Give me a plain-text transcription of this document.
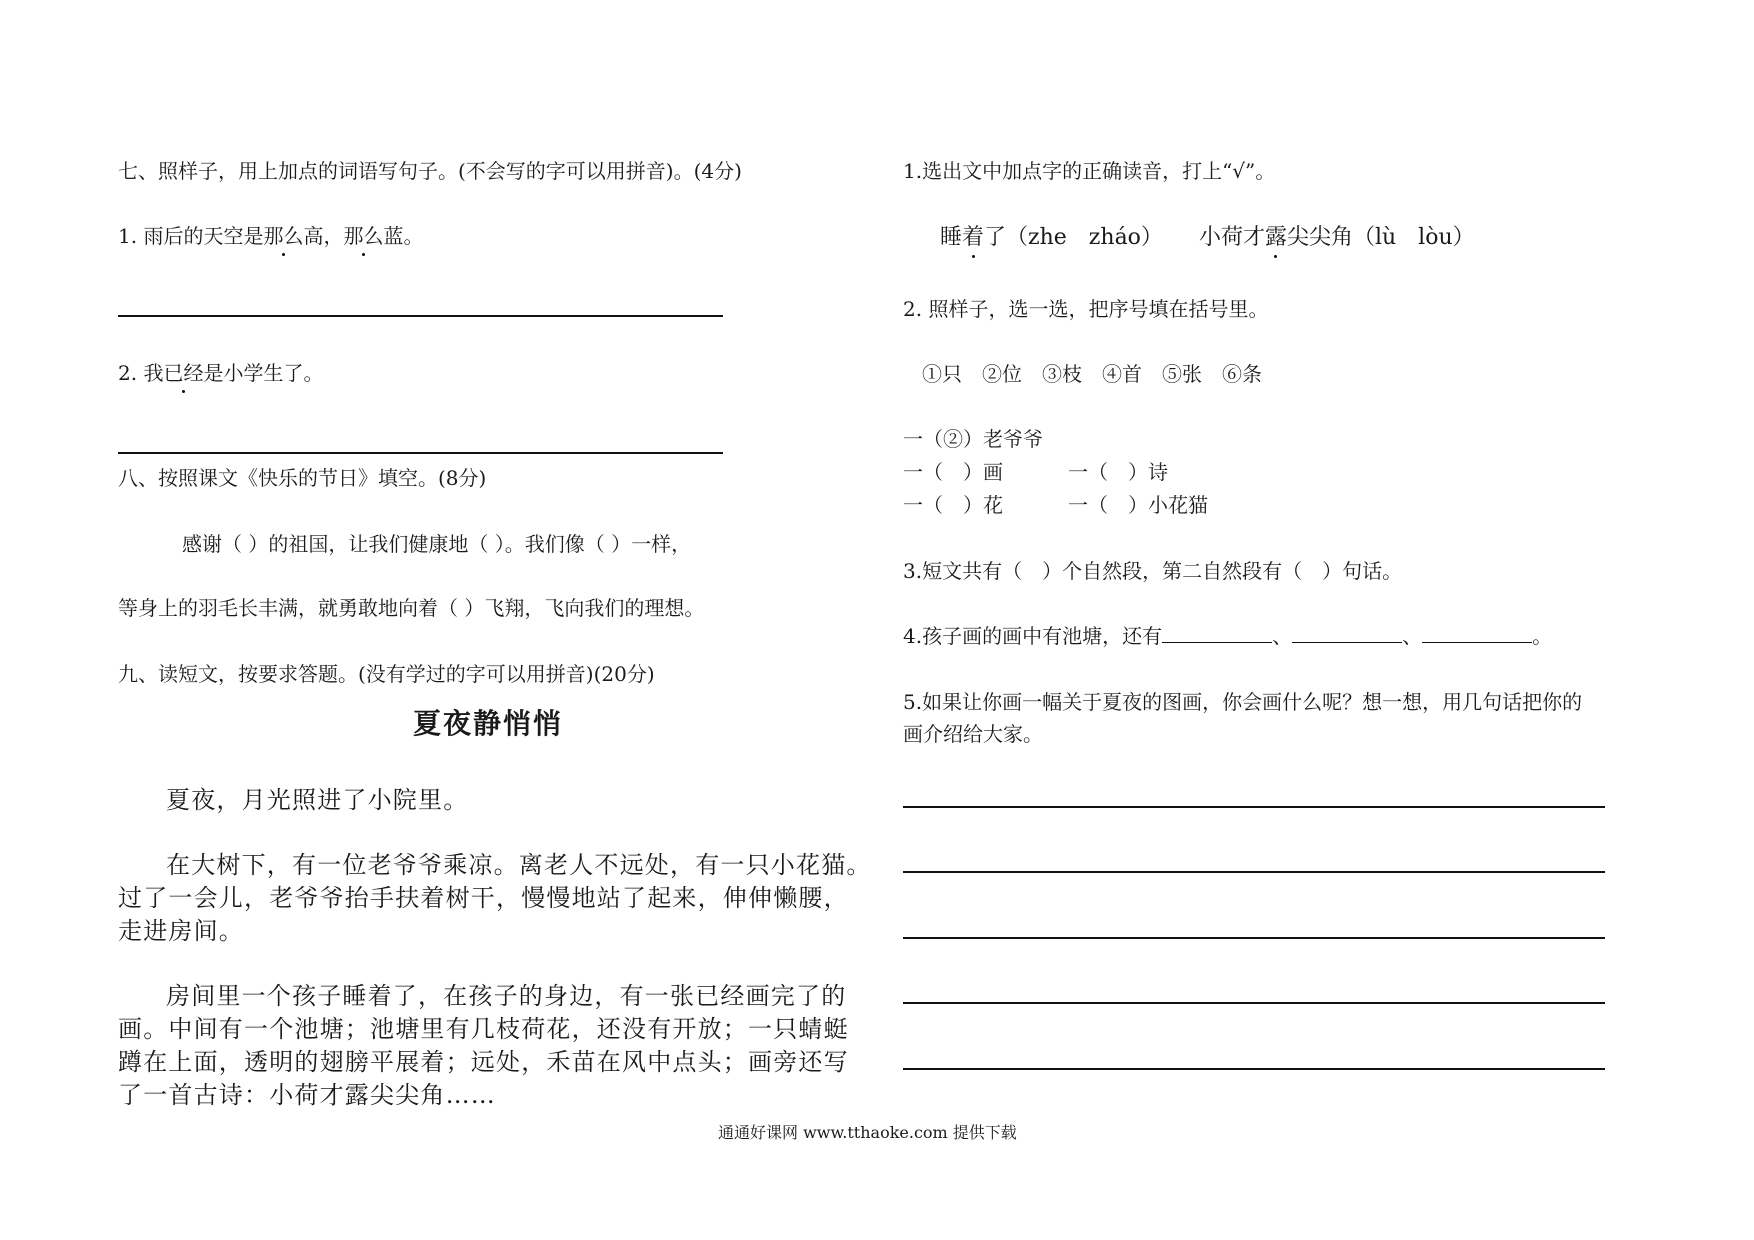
七、照样子，用上加点的词语写句子。(不会写的字可以用拼音)。(4分)
1. 雨后的天空是那么高，那么蓝。
2. 我已经是小学生了。
八、按照课文《快乐的节日》填空。(8分)
感谢（ ）的祖国，让我们健康地（ ）。我们像（ ）一样，
等身上的羽毛长丰满，就勇敢地向着（ ）飞翔，飞向我们的理想。
九、读短文，按要求答题。(没有学过的字可以用拼音)(20分)
夏夜静悄悄

夏夜，月光照进了小院里。

在大树下，有一位老爷爷乘凉。离老人不远处，有一只小花猫。

过了一会儿，老爷爷抬手扶着树干，慢慢地站了起来，伸伸懒腰，

走进房间。

房间里一个孩子睡着了，在孩子的身边，有一张已经画完了的

画。中间有一个池塘；池塘里有几枝荷花，还没有开放；一只蜻蜓

蹲在上面，透明的翅膀平展着；远处，禾苗在风中点头；画旁还写

了一首古诗：小荷才露尖尖角……

1.选出文中加点字的正确读音，打上“√”。
睡着了（zhe　zháo） 小荷才露尖尖角（lù　lòu）
2. 照样子，选一选，把序号填在括号里。
①只　②位　③枝　④首　⑤张　⑥条
一（②）老爷爷
一（　）画	一（　）诗
一（　）花	一（　）小花猫
3.短文共有（　）个自然段，第二自然段有（　）句话。
4.孩子画的画中有池塘，还有	、	、	。
5.如果让你画一幅关于夏夜的图画，你会画什么呢？想一想，用几句话把你的
画介绍给大家。
通通好课网 www.tthaoke.com 提供下载
